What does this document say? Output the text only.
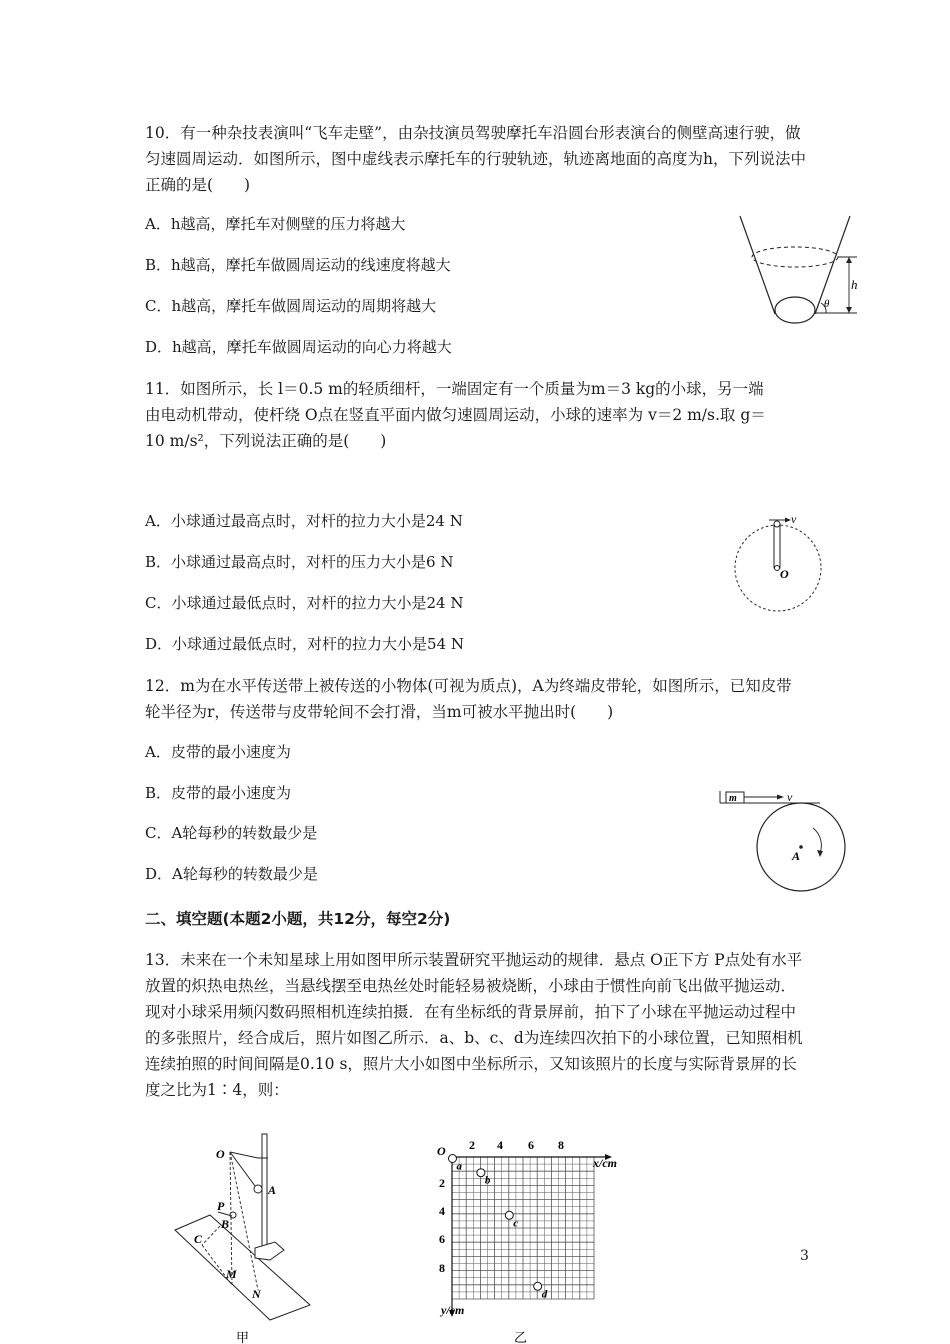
10．有一种杂技表演叫“飞车走壁”，由杂技演员驾驶摩托车沿圆台形表演台的侧壁高速行驶，做匀速圆周运动．如图所示，图中虚线表示摩托车的行驶轨迹，轨迹离地面的高度为h，下列说法中正确的是(　　)

A．h越高，摩托车对侧壁的压力将越大
B．h越高，摩托车做圆周运动的线速度将越大
C．h越高，摩托车做圆周运动的周期将越大
D．h越高，摩托车做圆周运动的向心力将越大
h
θ

11．如图所示，长 l＝0.5 m的轻质细杆，一端固定有一个质量为m＝3 kg的小球，另一端

由电动机带动，使杆绕 O点在竖直平面内做匀速圆周运动，小球的速率为 v＝2 m/s.取 g＝

10 m/s²，下列说法正确的是(　　)

A．小球通过最高点时，对杆的拉力大小是24 N
B．小球通过最高点时，对杆的压力大小是6 N
C．小球通过最低点时，对杆的拉力大小是24 N
D．小球通过最低点时，对杆的拉力大小是54 N
v
O

12．m为在水平传送带上被传送的小物体(可视为质点)，A为终端皮带轮，如图所示，已知皮带轮半径为r，传送带与皮带轮间不会打滑，当m可被水平抛出时(　　)

A．皮带的最小速度为
B．皮带的最小速度为
C．A轮每秒的转数最少是
D．A轮每秒的转数最少是
m	v
A
二、填空题(本题2小题，共12分，每空2分)

13．未来在一个未知星球上用如图甲所示装置研究平抛运动的规律．悬点 O正下方 P点处有水平放置的炽热电热丝，当悬线摆至电热丝处时能轻易被烧断，小球由于惯性向前飞出做平抛运动．现对小球采用频闪数码照相机连续拍摄．在有坐标纸的背景屏前，拍下了小球在平抛运动过程中的多张照片，经合成后，照片如图乙所示．a、b、c、d为连续四次拍下的小球位置，已知照相机连续拍照的时间间隔是0.10 s，照片大小如图中坐标所示，又知该照片的长度与实际背景屏的长度之比为1∶4，则：

O
A
P
B
C
M
N
甲
a
b
c
d
O 2 4 6 8
2
4
6
8
x/cm
y/cm
乙
3
